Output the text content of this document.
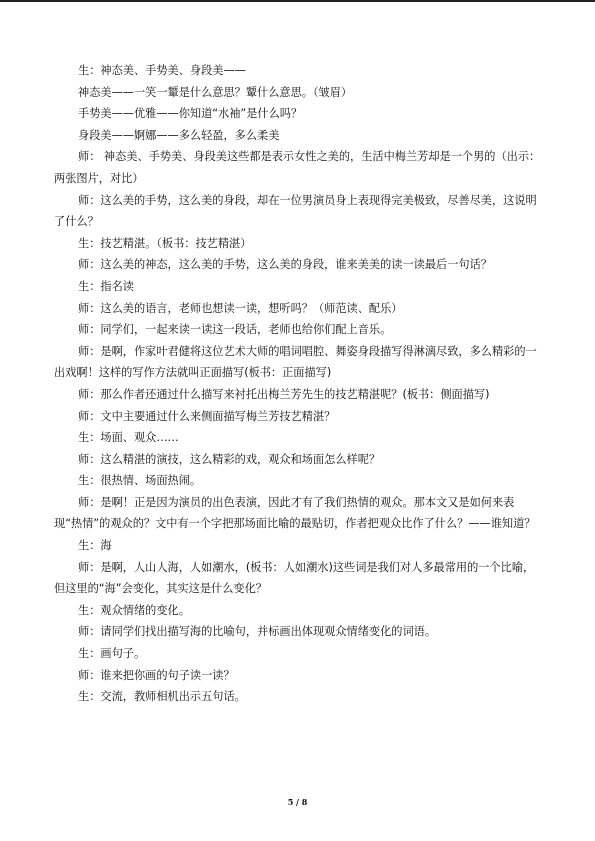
生：神态美、手势美、身段美——

神态美——一笑一颦是什么意思？颦什么意思。（皱眉）

手势美——优雅——你知道“水袖”是什么吗？

身段美——婀娜——多么轻盈，多么柔美

师： 神态美、手势美、身段美这些都是表示女性之美的，生活中梅兰芳却是一个男的（出示：两张图片，对比）

师：这么美的手势，这么美的身段，却在一位男演员身上表现得完美极致，尽善尽美，这说明了什么？

生：技艺精湛。（板书：技艺精湛）

师：这么美的神态，这么美的手势，这么美的身段，谁来美美的读一读最后一句话？

生：指名读

师：这么美的语言，老师也想读一读，想听吗？（师范读、配乐）

师：同学们，一起来读一读这一段话，老师也给你们配上音乐。

师：是啊，作家叶君健将这位艺术大师的唱词唱腔、舞姿身段描写得淋漓尽致，多么精彩的一出戏啊！这样的写作方法就叫正面描写(板书：正面描写)

师：那么作者还通过什么描写来衬托出梅兰芳先生的技艺精湛呢？(板书：侧面描写)

师：文中主要通过什么来侧面描写梅兰芳技艺精湛？

生：场面、观众……

师：这么精湛的演技，这么精彩的戏，观众和场面怎么样呢？

生：很热情、场面热闹。

师：是啊！正是因为演员的出色表演，因此才有了我们热情的观众。那本文又是如何来表现“热情”的观众的？文中有一个字把那场面比喻的最贴切，作者把观众比作了什么？——谁知道？

生：海

师：是啊，人山人海，人如潮水，(板书：人如潮水)这些词是我们对人多最常用的一个比喻，但这里的“海”会变化，其实这是什么变化？

生：观众情绪的变化。

师：请同学们找出描写海的比喻句，并标画出体现观众情绪变化的词语。

生：画句子。

师：谁来把你画的句子读一读？

生：交流，教师相机出示五句话。

5 / 8
